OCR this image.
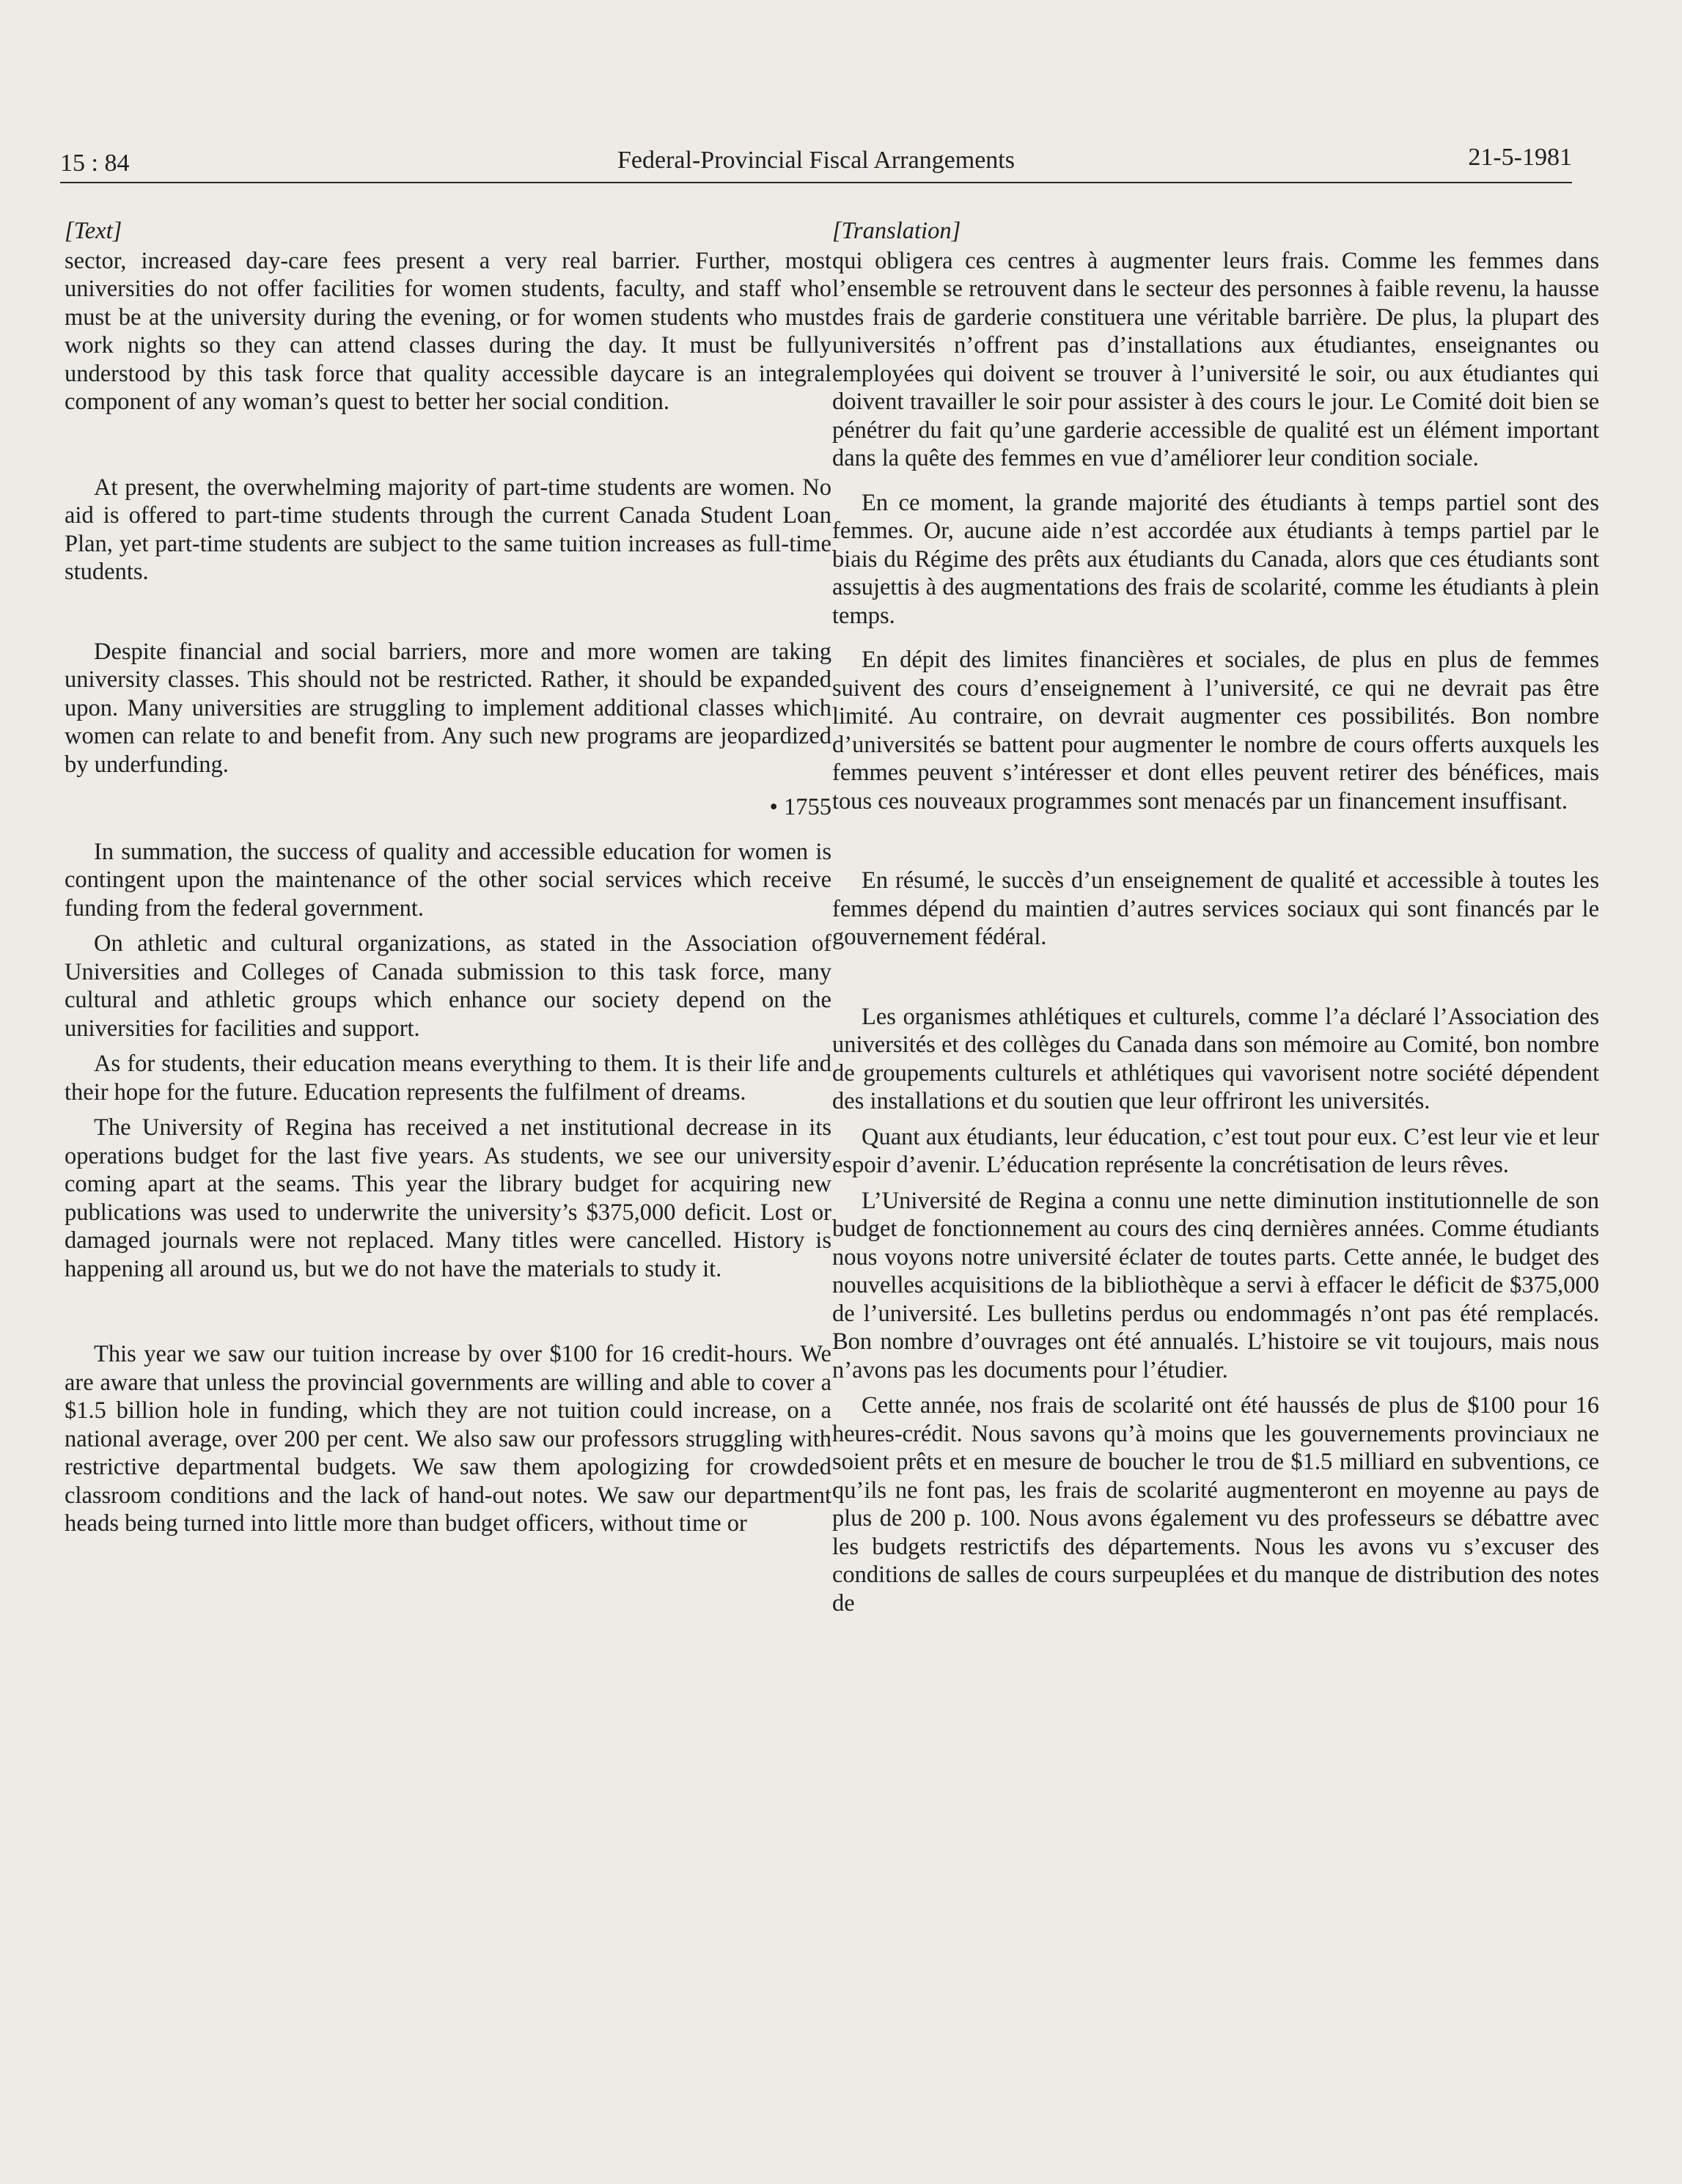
15 : 84	Federal-Provincial Fiscal Arrangements	21-5-1981
[Text]

sector, increased day-care fees present a very real barrier. Further, most universities do not offer facilities for women students, faculty, and staff who must be at the university during the evening, or for women students who must work nights so they can attend classes during the day. It must be fully understood by this task force that quality accessible daycare is an integral component of any woman’s quest to better her social condition.

At present, the overwhelming majority of part-time students are women. No aid is offered to part-time students through the current Canada Student Loan Plan, yet part-time students are subject to the same tuition increases as full-time students.

Despite financial and social barriers, more and more women are taking university classes. This should not be restricted. Rather, it should be expanded upon. Many universities are struggling to implement additional classes which women can relate to and benefit from. Any such new programs are jeopardized by underfunding.

• 1755

In summation, the success of quality and accessible education for women is contingent upon the maintenance of the other social services which receive funding from the federal government.

On athletic and cultural organizations, as stated in the Association of Universities and Colleges of Canada submission to this task force, many cultural and athletic groups which enhance our society depend on the universities for facilities and support.

As for students, their education means everything to them. It is their life and their hope for the future. Education represents the fulfilment of dreams.

The University of Regina has received a net institutional decrease in its operations budget for the last five years. As students, we see our university coming apart at the seams. This year the library budget for acquiring new publications was used to underwrite the university’s $375,000 deficit. Lost or damaged journals were not replaced. Many titles were cancelled. History is happening all around us, but we do not have the materials to study it.

This year we saw our tuition increase by over $100 for 16 credit-hours. We are aware that unless the provincial governments are willing and able to cover a $1.5 billion hole in funding, which they are not tuition could increase, on a national average, over 200 per cent. We also saw our professors struggling with restrictive departmental budgets. We saw them apologizing for crowded classroom conditions and the lack of hand-out notes. We saw our department heads being turned into little more than budget officers, without time or

[Translation]

qui obligera ces centres à augmenter leurs frais. Comme les femmes dans l’ensemble se retrouvent dans le secteur des personnes à faible revenu, la hausse des frais de garderie constituera une véritable barrière. De plus, la plupart des universités n’offrent pas d’installations aux étudiantes, enseignantes ou employées qui doivent se trouver à l’université le soir, ou aux étudiantes qui doivent travailler le soir pour assister à des cours le jour. Le Comité doit bien se pénétrer du fait qu’une garderie accessible de qualité est un élément important dans la quête des femmes en vue d’améliorer leur condition sociale.

En ce moment, la grande majorité des étudiants à temps partiel sont des femmes. Or, aucune aide n’est accordée aux étudiants à temps partiel par le biais du Régime des prêts aux étudiants du Canada, alors que ces étudiants sont assujettis à des augmentations des frais de scolarité, comme les étudiants à plein temps.

En dépit des limites financières et sociales, de plus en plus de femmes suivent des cours d’enseignement à l’université, ce qui ne devrait pas être limité. Au contraire, on devrait augmenter ces possibilités. Bon nombre d’universités se battent pour augmenter le nombre de cours offerts auxquels les femmes peuvent s’intéresser et dont elles peuvent retirer des bénéfices, mais tous ces nouveaux programmes sont menacés par un financement insuffisant.

En résumé, le succès d’un enseignement de qualité et accessible à toutes les femmes dépend du maintien d’autres services sociaux qui sont financés par le gouvernement fédéral.

Les organismes athlétiques et culturels, comme l’a déclaré l’Association des universités et des collèges du Canada dans son mémoire au Comité, bon nombre de groupements culturels et athlétiques qui vavorisent notre société dépendent des installations et du soutien que leur offriront les universités.

Quant aux étudiants, leur éducation, c’est tout pour eux. C’est leur vie et leur espoir d’avenir. L’éducation représente la concrétisation de leurs rêves.

L’Université de Regina a connu une nette diminution institutionnelle de son budget de fonctionnement au cours des cinq dernières années. Comme étudiants nous voyons notre université éclater de toutes parts. Cette année, le budget des nouvelles acquisitions de la bibliothèque a servi à effacer le déficit de $375,000 de l’université. Les bulletins perdus ou endommagés n’ont pas été remplacés. Bon nombre d’ouvrages ont été annualés. L’histoire se vit toujours, mais nous n’avons pas les documents pour l’étudier.

Cette année, nos frais de scolarité ont été haussés de plus de $100 pour 16 heures-crédit. Nous savons qu’à moins que les gouvernements provinciaux ne soient prêts et en mesure de boucher le trou de $1.5 milliard en subventions, ce qu’ils ne font pas, les frais de scolarité augmenteront en moyenne au pays de plus de 200 p. 100. Nous avons également vu des professeurs se débattre avec les budgets restrictifs des départements. Nous les avons vu s’excuser des conditions de salles de cours surpeuplées et du manque de distribution des notes de
